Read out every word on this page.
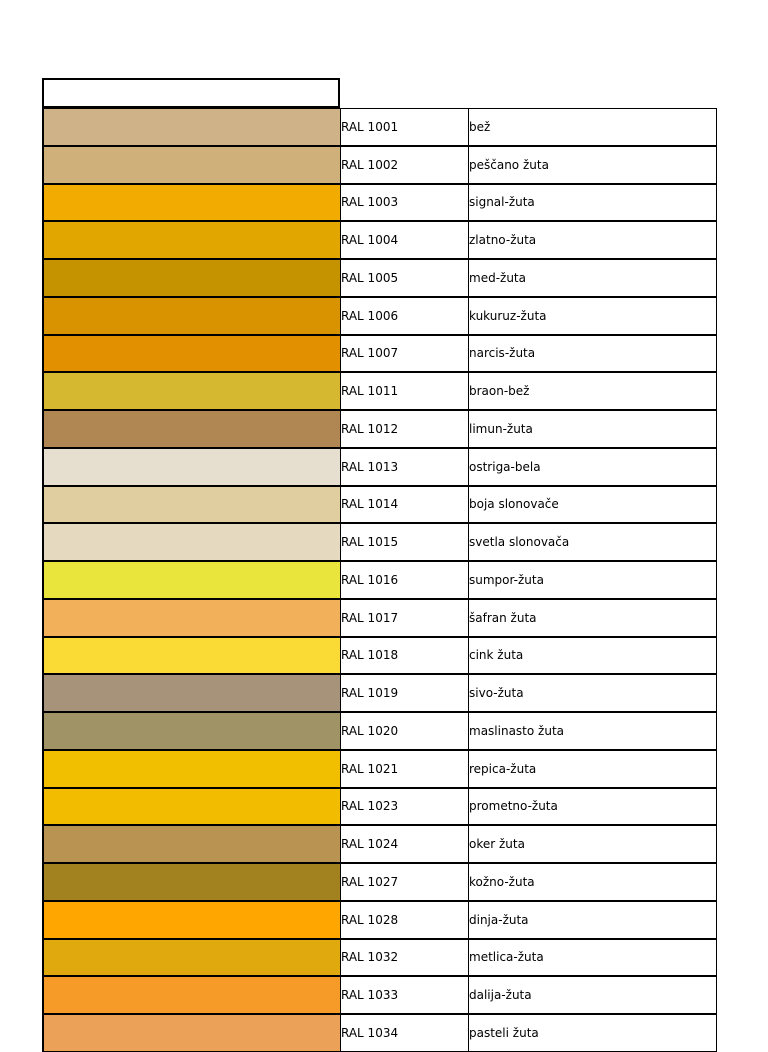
	RAL 1001	bež

	RAL 1002	peščano žuta

	RAL 1003	signal-žuta

	RAL 1004	zlatno-žuta

	RAL 1005	med-žuta

	RAL 1006	kukuruz-žuta

	RAL 1007	narcis-žuta

	RAL 1011	braon-bež

	RAL 1012	limun-žuta

	RAL 1013	ostriga-bela

	RAL 1014	boja slonovače

	RAL 1015	svetla slonovača

	RAL 1016	sumpor-žuta

	RAL 1017	šafran žuta

	RAL 1018	cink žuta

	RAL 1019	sivo-žuta

	RAL 1020	maslinasto žuta

	RAL 1021	repica-žuta

	RAL 1023	prometno-žuta

	RAL 1024	oker žuta

	RAL 1027	kožno-žuta

	RAL 1028	dinja-žuta

	RAL 1032	metlica-žuta

	RAL 1033	dalija-žuta

	RAL 1034	pasteli žuta
